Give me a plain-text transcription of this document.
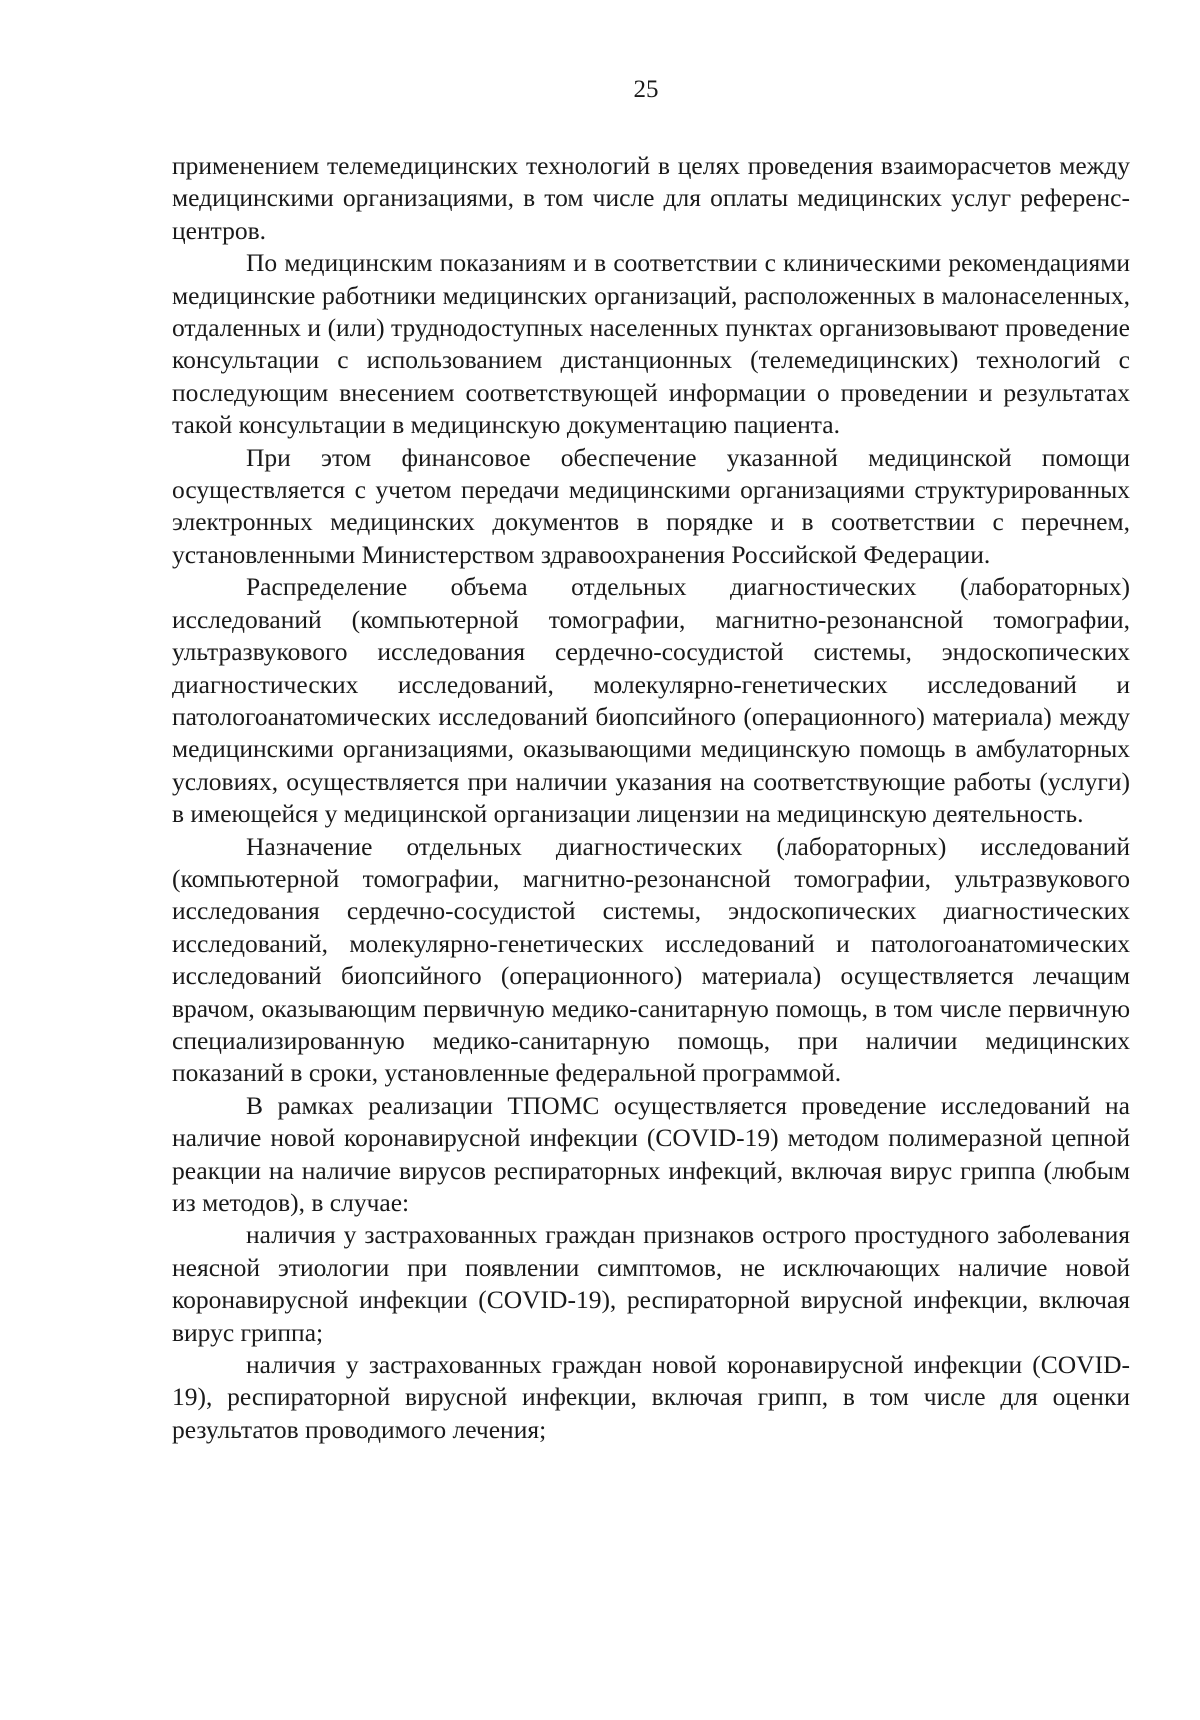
25

применением телемедицинских технологий в целях проведения взаиморасчетов между медицинскими организациями, в том числе для оплаты медицинских услуг референс-центров.

По медицинским показаниям и в соответствии с клиническими рекомендациями медицинские работники медицинских организаций, расположенных в малонаселенных, отдаленных и (или) труднодоступных населенных пунктах организовывают проведение консультации с использованием дистанционных (телемедицинских) технологий с последующим внесением соответствующей информации о проведении и результатах такой консультации в медицинскую документацию пациента.

При этом финансовое обеспечение указанной медицинской помощи осуществляется с учетом передачи медицинскими организациями структурированных электронных медицинских документов в порядке и в соответствии с перечнем, установленными Министерством здравоохранения Российской Федерации.

Распределение объема отдельных диагностических (лабораторных) исследований (компьютерной томографии, магнитно-резонансной томографии, ультразвукового исследования сердечно-сосудистой системы, эндоскопических диагностических исследований, молекулярно-генетических исследований и патологоанатомических исследований биопсийного (операционного) материала) между медицинскими организациями, оказывающими медицинскую помощь в амбулаторных условиях, осуществляется при наличии указания на соответствующие работы (услуги) в имеющейся у медицинской организации лицензии на медицинскую деятельность.

Назначение отдельных диагностических (лабораторных) исследований (компьютерной томографии, магнитно-резонансной томографии, ультразвукового исследования сердечно-сосудистой системы, эндоскопических диагностических исследований, молекулярно-генетических исследований и патологоанатомических исследований биопсийного (операционного) материала) осуществляется лечащим врачом, оказывающим первичную медико-санитарную помощь, в том числе первичную специализированную медико-санитарную помощь, при наличии медицинских показаний в сроки, установленные федеральной программой.

В рамках реализации ТПОМС осуществляется проведение исследований на наличие новой коронавирусной инфекции (COVID-19) методом полимеразной цепной реакции на наличие вирусов респираторных инфекций, включая вирус гриппа (любым из методов), в случае:

наличия у застрахованных граждан признаков острого простудного заболевания неясной этиологии при появлении симптомов, не исключающих наличие новой коронавирусной инфекции (COVID-19), респираторной вирусной инфекции, включая вирус гриппа;

наличия у застрахованных граждан новой коронавирусной инфекции (COVID-19), респираторной вирусной инфекции, включая грипп, в том числе для оценки результатов проводимого лечения;
